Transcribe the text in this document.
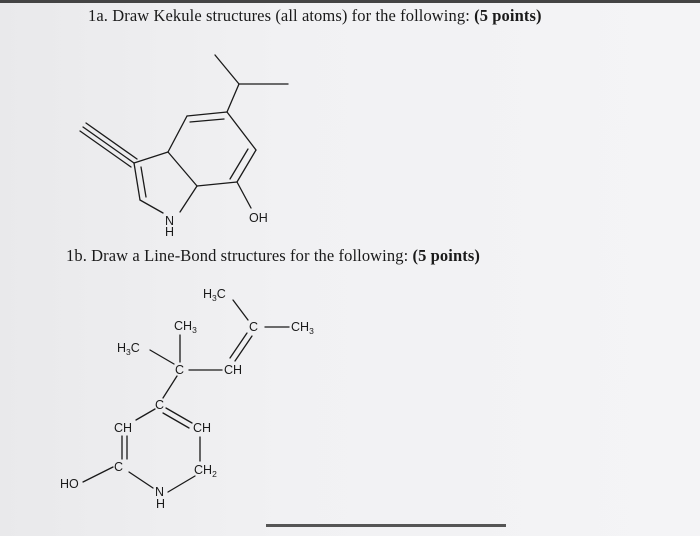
1a. Draw Kekule structures (all atoms) for the following: (5 points)
1b. Draw a Line-Bond structures for the following: (5 points)
N
H
OH
$H_3C$
$CH_3$	C	$CH_3$
$H_3C$
C	CH
C
CH	CH
C	$CH_2$
HO
N
H
